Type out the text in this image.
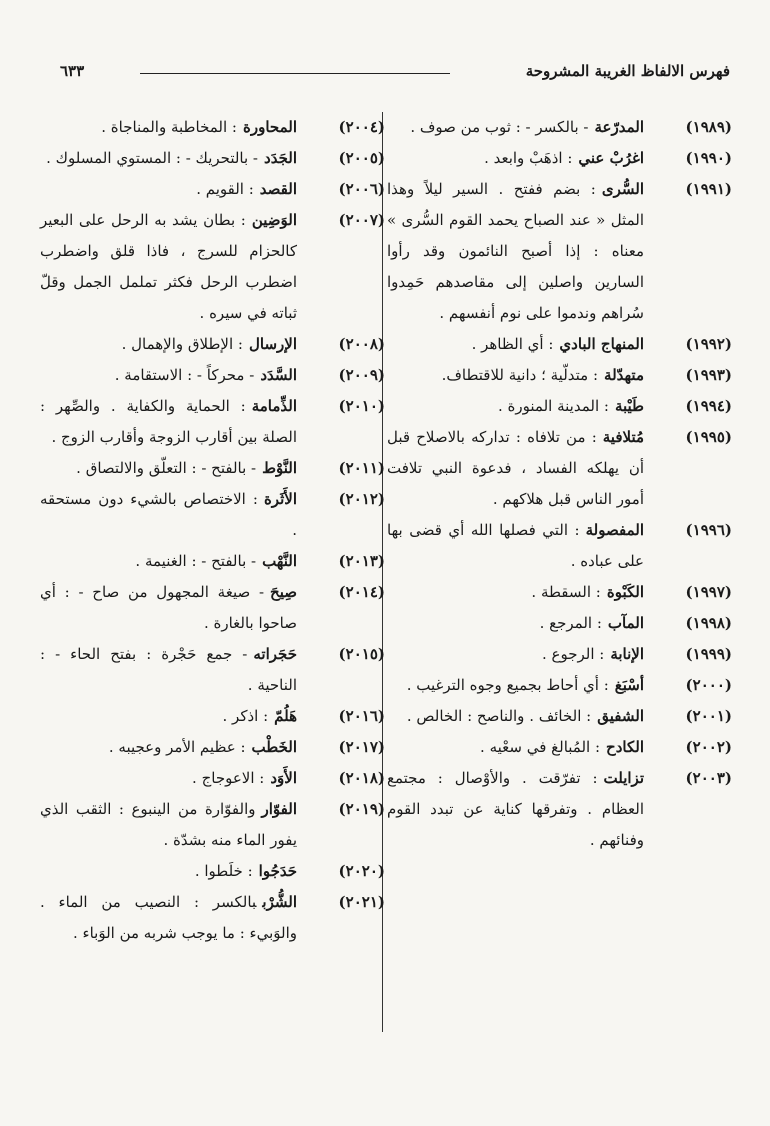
فهرس الالفاظ الغريبة المشروحة
٦٣٣
(١٩٨٩)
المدرّعة- بالكسر - : ثوب من صوف .
(١٩٩٠)
اغرُبْ عني: اذهَبْ وابعد .
(١٩٩١)
السُّرى: بضم ففتح . السير ليلاً وهذا المثل « عند الصباح يحمد القوم السُّرى » معناه : إذا أصبح النائمون وقد رأوا السارين واصلين إلى مقاصدهم حَمِدوا سُراهم وندموا على نوم أنفسهم .
(١٩٩٢)
المنهاج البادي: أي الظاهر .
(١٩٩٣)
متهدّلة: متدلّية ؛ دانية للاقتطاف.
(١٩٩٤)
طَيْبة: المدينة المنورة .
(١٩٩٥)
مُتلافية: من تلافاه : تداركه بالاصلاح قبل أن يهلكه الفساد ، فدعوة النبي تلافت أمور الناس قبل هلاكهم .
(١٩٩٦)
المفصولة: التي فصلها الله أي قضى بها على عباده .
(١٩٩٧)
الكَبْوة: السقطة .
(١٩٩٨)
المآب: المرجع .
(١٩٩٩)
الإنابة: الرجوع .
(٢٠٠٠)
أسْبَغ: أي أحاط بجميع وجوه الترغيب .
(٢٠٠١)
الشفيق: الخائف . والناصح : الخالص .
(٢٠٠٢)
الكادح: المُبالغ في سعْيه .
(٢٠٠٣)
تزايلت: تفرّقت . والأوْصال : مجتمع العظام . وتفرقها كناية عن تبدد القوم وفنائهم .
(٢٠٠٤)
المحاورة: المخاطبة والمناجاة .
(٢٠٠٥)
الجَدَد- بالتحريك - : المستوي المسلوك .
(٢٠٠٦)
القصد: القويم .
(٢٠٠٧)
الوَضِين: بطان يشد به الرحل على البعير كالحزام للسرج ، فاذا قلق واضطرب اضطرب الرحل فكثر تململ الجمل وقلّ ثباته في سيره .
(٢٠٠٨)
الإرسال: الإطلاق والإهمال .
(٢٠٠٩)
السَّدَد- محركاً - : الاستقامة .
(٢٠١٠)
الذِّمامة: الحماية والكفاية . والصِّهر : الصلة بين أقارب الزوجة وأقارب الزوج .
(٢٠١١)
النَّوْط- بالفتح - : التعلّق والالتصاق .
(٢٠١٢)
الأَثَرة: الاختصاص بالشيء دون مستحقه .
(٢٠١٣)
النَّهْب- بالفتح - : الغنيمة .
(٢٠١٤)
صِيحَ- صيغة المجهول من صاح - : أي صاحوا بالغارة .
(٢٠١٥)
حَجَراته- جمع حَجْرة : بفتح الحاء - : الناحية .
(٢٠١٦)
هَلُمّ: اذكر .
(٢٠١٧)
الخَطْب: عظيم الأمر وعجيبه .
(٢٠١٨)
الأَوَد: الاعوجاج .
(٢٠١٩)
الفوّاروالفوّارة من الينبوع : الثقب الذي يفور الماء منه بشدّة .
(٢٠٢٠)
حَدَجُوا: خلَطوا .
(٢٠٢١)
الشُّرْببالكسر : النصيب من الماء . والوَبيء : ما يوجب شربه من الوَباء .
